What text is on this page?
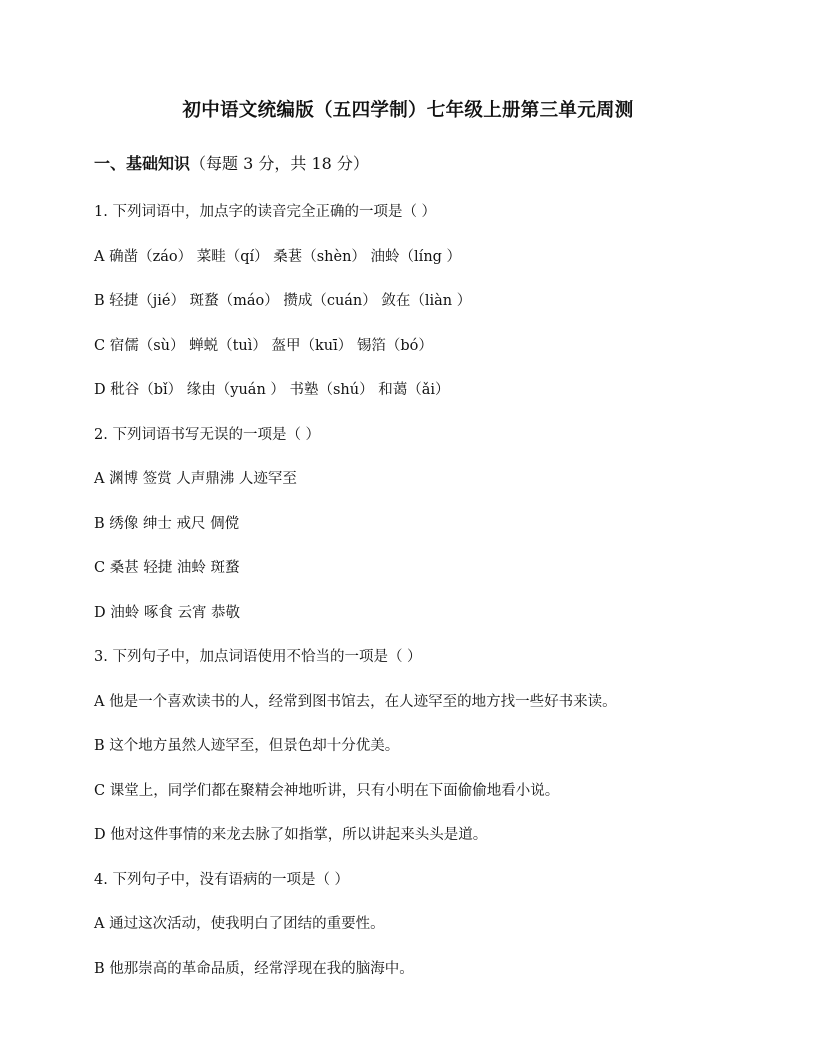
初中语文统编版（五四学制）七年级上册第三单元周测
一、基础知识（每题 3 分，共 18 分）
1. 下列词语中，加点字的读音完全正确的一项是（ ）
A 确凿（záo） 菜畦（qí） 桑葚（shèn） 油蛉（líng ）
B 轻捷（jié） 斑蝥（máo） 攒成（cuán） 敛在（liàn ）
C 宿儒（sù） 蝉蜕（tuì） 盔甲（kuī） 锡箔（bó）
D 秕谷（bǐ） 缘由（yuán ） 书塾（shú） 和蔼（ǎi）
2. 下列词语书写无误的一项是（ ）
A 渊博 签赏 人声鼎沸 人迹罕至
B 绣像 绅士 戒尺 倜傥
C 桑甚 轻捷 油蛉 斑蝥
D 油蛉 啄食 云宵 恭敬
3. 下列句子中，加点词语使用不恰当的一项是（ ）
A 他是一个喜欢读书的人，经常到图书馆去，在人迹罕至的地方找一些好书来读。
B 这个地方虽然人迹罕至，但景色却十分优美。
C 课堂上，同学们都在聚精会神地听讲，只有小明在下面偷偷地看小说。
D 他对这件事情的来龙去脉了如指掌，所以讲起来头头是道。
4. 下列句子中，没有语病的一项是（ ）
A 通过这次活动，使我明白了团结的重要性。
B 他那崇高的革命品质，经常浮现在我的脑海中。
